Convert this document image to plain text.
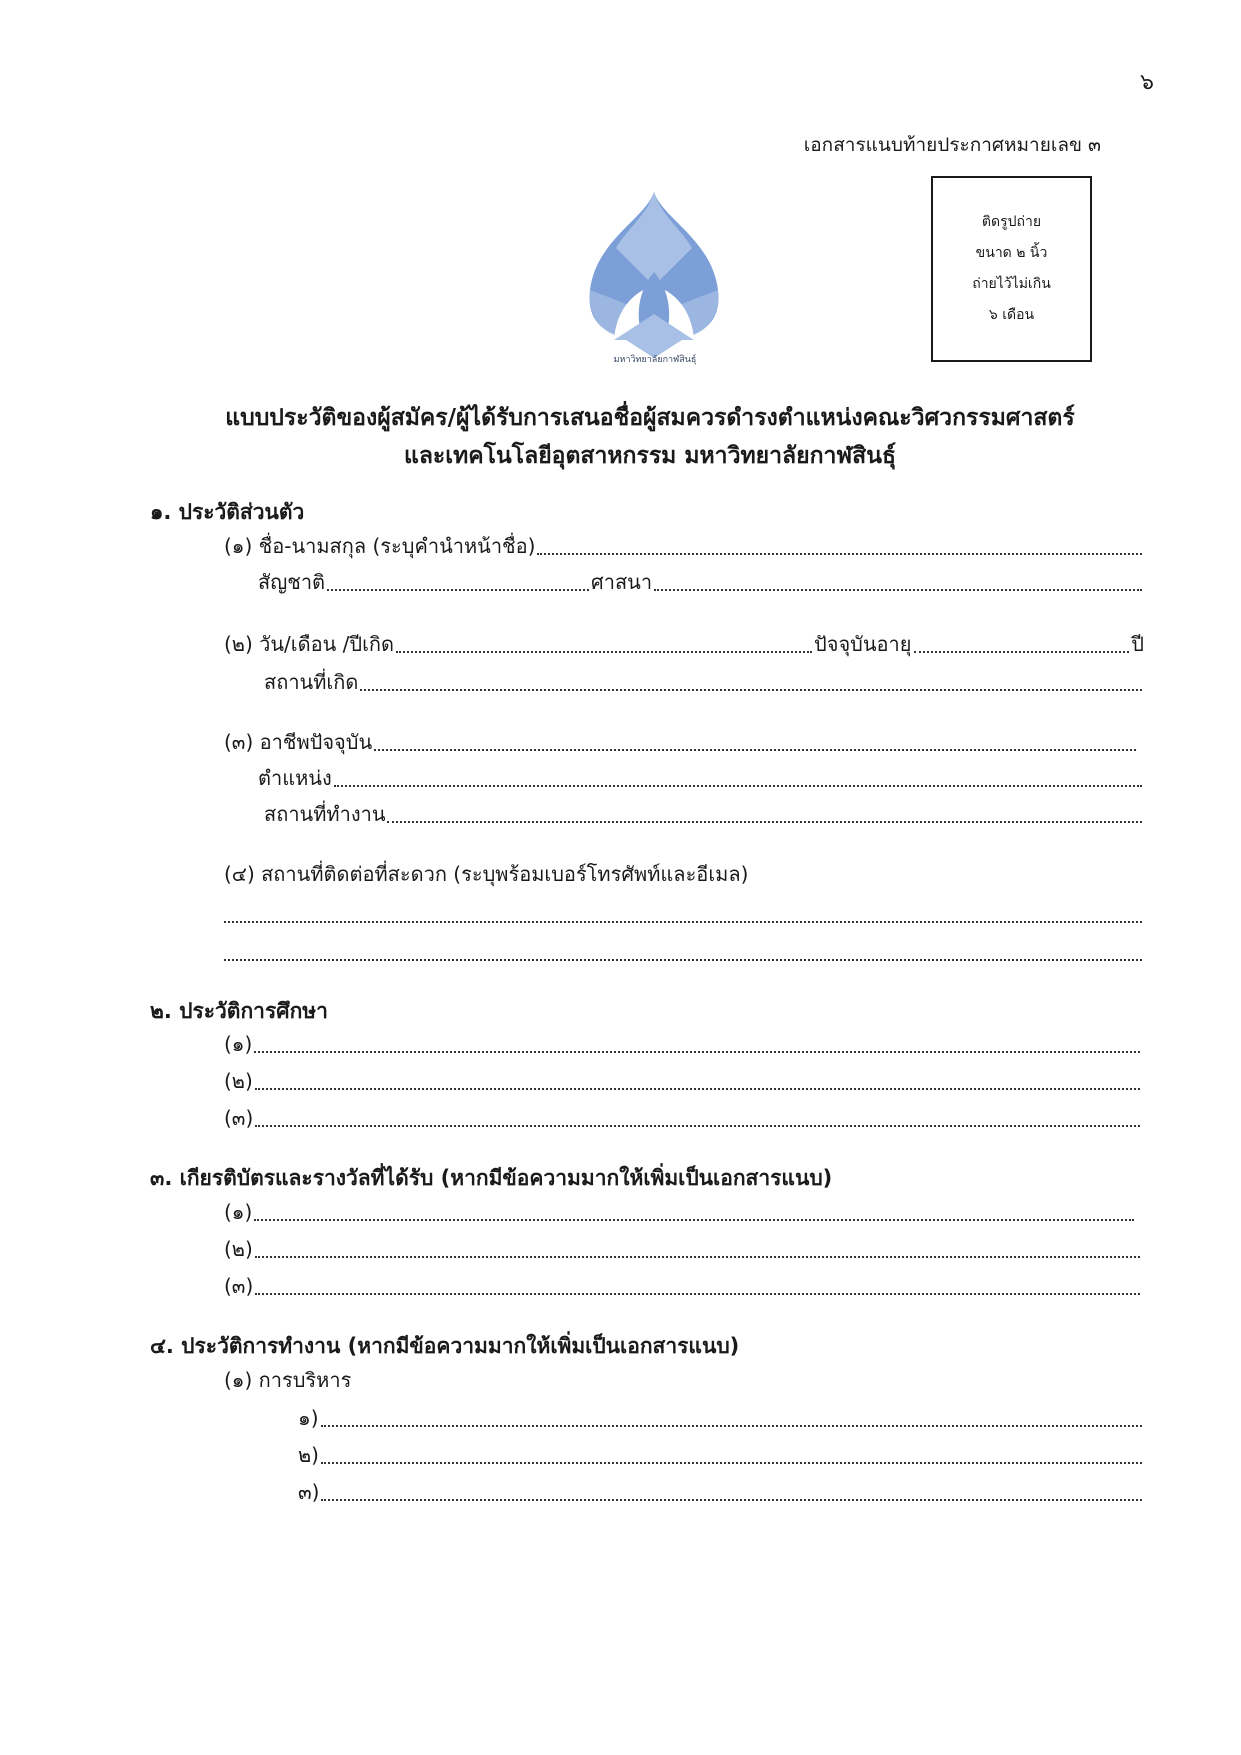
๖
เอกสารแนบท้ายประกาศหมายเลข ๓
มหาวิทยาลัยกาฬสินธุ์
ติดรูปถ่าย
ขนาด ๒ นิ้ว
ถ่ายไว้ไม่เกิน
๖ เดือน
แบบประวัติของผู้สมัคร/ผู้ได้รับการเสนอชื่อผู้สมควรดำรงตำแหน่งคณะวิศวกรรมศาสตร์
และเทคโนโลยีอุตสาหกรรม มหาวิทยาลัยกาฬสินธุ์
๑. ประวัติส่วนตัว
(๑) ชื่อ-นามสกุล (ระบุคำนำหน้าชื่อ)
สัญชาติ	ศาสนา
(๒) วัน/เดือน /ปีเกิด	ปัจจุบันอายุ	ปี
สถานที่เกิด
(๓) อาชีพปัจจุบัน
ตำแหน่ง
สถานที่ทำงาน
(๔) สถานที่ติดต่อที่สะดวก (ระบุพร้อมเบอร์โทรศัพท์และอีเมล)
๒. ประวัติการศึกษา
(๑)
(๒)
(๓)
๓. เกียรติบัตรและรางวัลที่ได้รับ (หากมีข้อความมากให้เพิ่มเป็นเอกสารแนบ)
(๑)
(๒)
(๓)
๔. ประวัติการทำงาน (หากมีข้อความมากให้เพิ่มเป็นเอกสารแนบ)
(๑) การบริหาร
๑)
๒)
๓)
